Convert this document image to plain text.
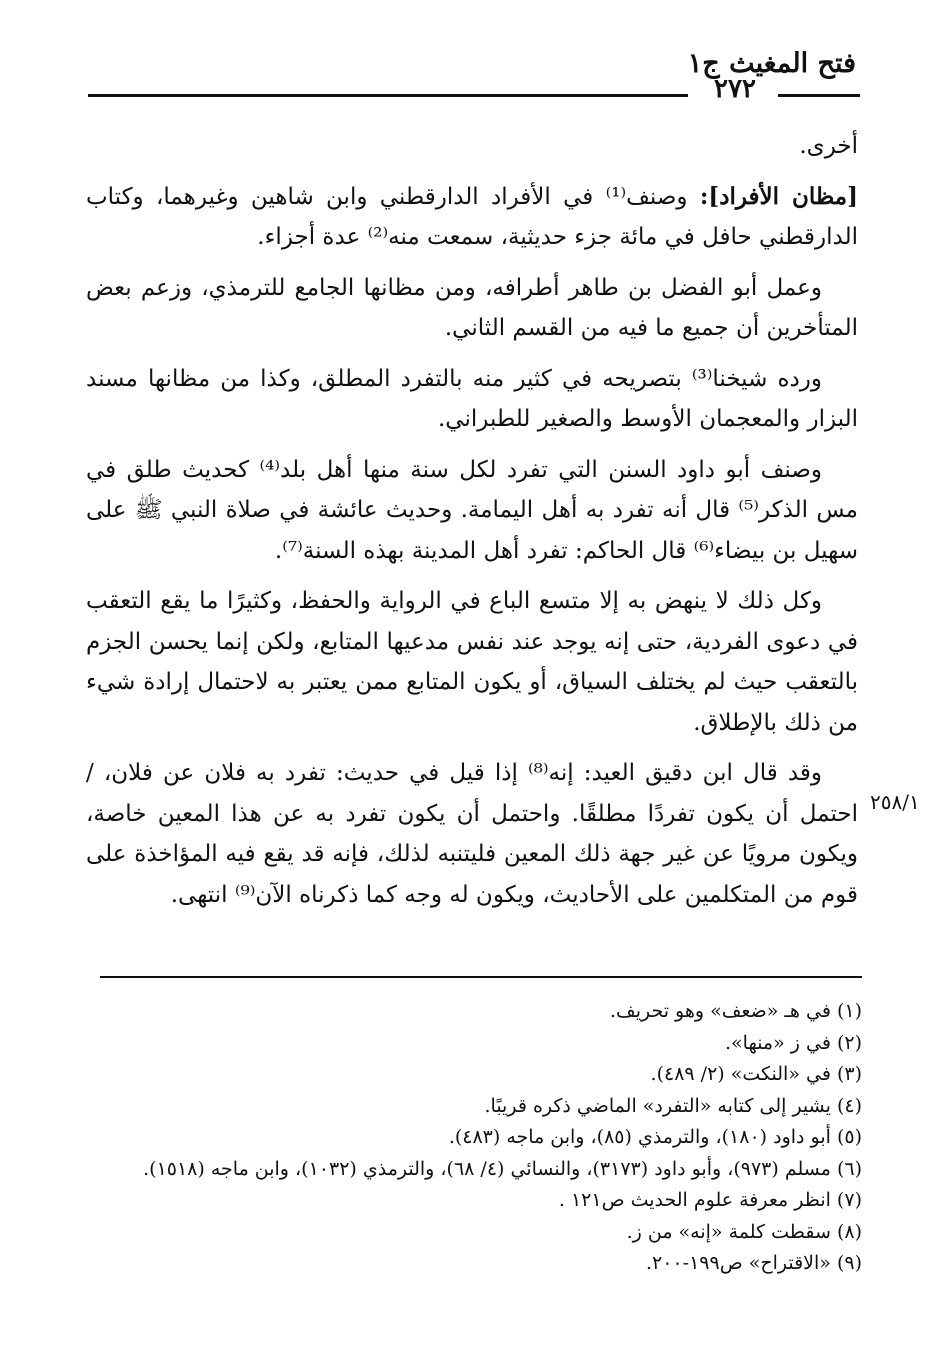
فتح المغيث ج١
٢٧٢

أخرى.

[مظان الأفراد]: وصنف⁽¹⁾ في الأفراد الدارقطني وابن شاهين وغيرهما، وكتاب الدارقطني حافل في مائة جزء حديثية، سمعت منه⁽²⁾ عدة أجزاء.

وعمل أبو الفضل بن طاهر أطرافه، ومن مظانها الجامع للترمذي، وزعم بعض المتأخرين أن جميع ما فيه من القسم الثاني.

ورده شيخنا⁽³⁾ بتصريحه في كثير منه بالتفرد المطلق، وكذا من مظانها مسند البزار والمعجمان الأوسط والصغير للطبراني.

وصنف أبو داود السنن التي تفرد لكل سنة منها أهل بلد⁽⁴⁾ كحديث طلق في مس الذكر⁽⁵⁾ قال أنه تفرد به أهل اليمامة. وحديث عائشة في صلاة النبي ﷺ على سهيل بن بيضاء⁽⁶⁾ قال الحاكم: تفرد أهل المدينة بهذه السنة⁽⁷⁾.

وكل ذلك لا ينهض به إلا متسع الباع في الرواية والحفظ، وكثيرًا ما يقع التعقب في دعوى الفردية، حتى إنه يوجد عند نفس مدعيها المتابع، ولكن إنما يحسن الجزم بالتعقب حيث لم يختلف السياق، أو يكون المتابع ممن يعتبر به لاحتمال إرادة شيء من ذلك بالإطلاق.

وقد قال ابن دقيق العيد: إنه⁽⁸⁾ إذا قيل في حديث: تفرد به فلان عن فلان، / احتمل أن يكون تفردًا مطلقًا. واحتمل أن يكون تفرد به عن هذا المعين خاصة، ويكون مرويًا عن غير جهة ذلك المعين فليتنبه لذلك، فإنه قد يقع فيه المؤاخذة على قوم من المتكلمين على الأحاديث، ويكون له وجه كما ذكرناه الآن⁽⁹⁾ انتهى.

٢٥٨/١
(١) في هـ «ضعف» وهو تحريف.
(٢) في ز «منها».
(٣) في «النكت» (٢/ ٤٨٩).
(٤) يشير إلى كتابه «التفرد» الماضي ذكره قريبًا.
(٥) أبو داود (١٨٠)، والترمذي (٨٥)، وابن ماجه (٤٨٣).
(٦) مسلم (٩٧٣)، وأبو داود (٣١٧٣)، والنسائي (٤/ ٦٨)، والترمذي (١٠٣٢)، وابن ماجه (١٥١٨).
(٧) انظر معرفة علوم الحديث ص١٢١ .
(٨) سقطت كلمة «إنه» من ز.
(٩) «الاقتراح» ص١٩٩-٢٠٠.
